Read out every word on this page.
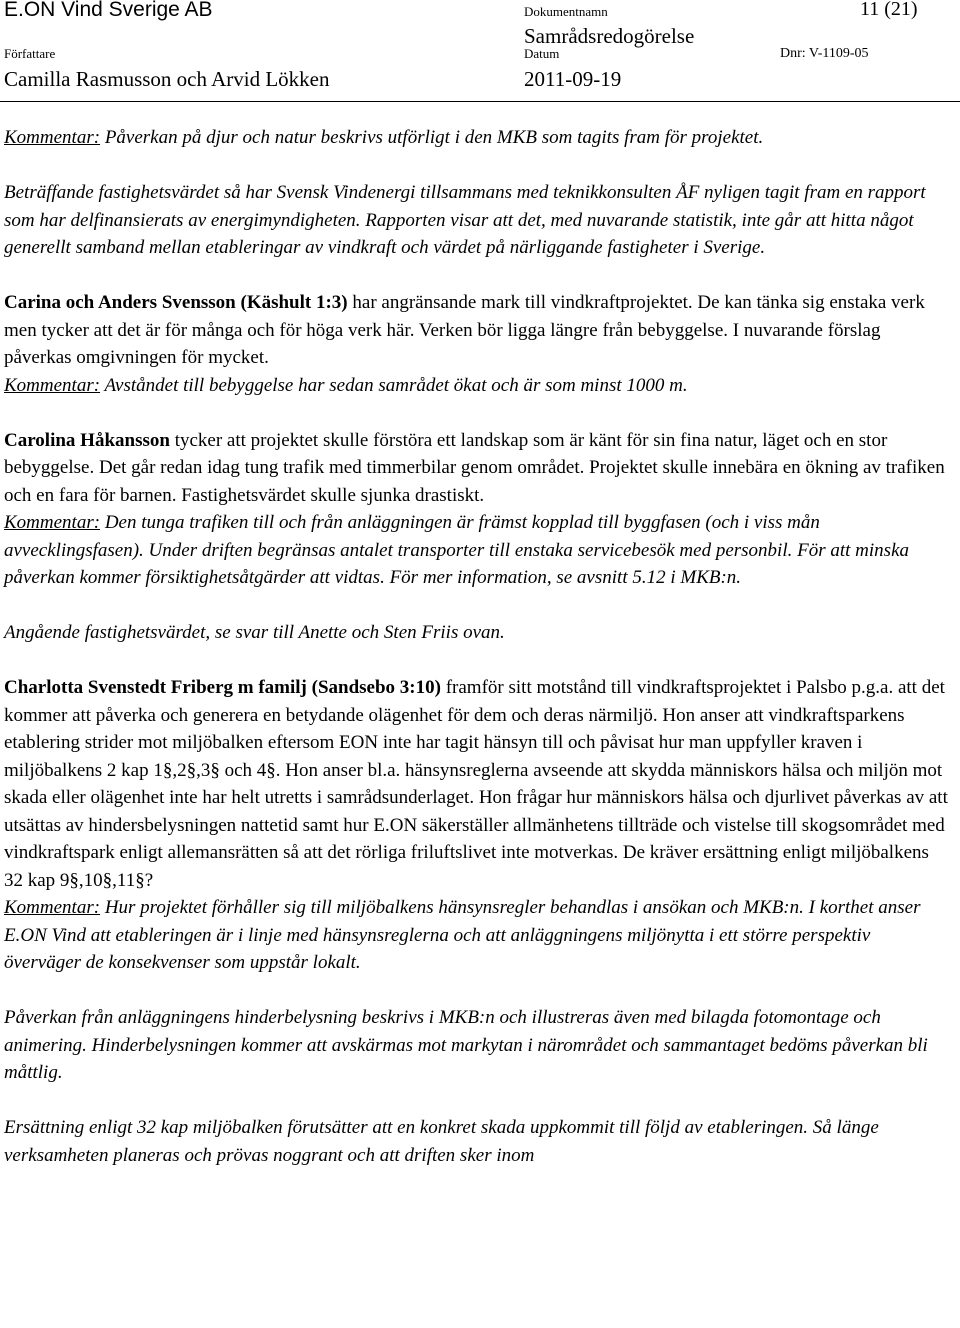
E.ON Vind Sverige AB	Dokumentnamn	11 (21)
Samrådsredogörelse
Författare	Datum	Dnr: V-1109-05
Camilla Rasmusson och Arvid Lökken	2011-09-19

Kommentar: Påverkan på djur och natur beskrivs utförligt i den MKB som tagits fram för projektet.

Beträffande fastighetsvärdet så har Svensk Vindenergi tillsammans med teknikkonsulten ÅF nyligen tagit fram en rapport som har delfinansierats av energimyndigheten. Rapporten visar att det, med nuvarande statistik, inte går att hitta något generellt samband mellan etableringar av vindkraft och värdet på närliggande fastigheter i Sverige.

Carina och Anders Svensson (Käshult 1:3) har angränsande mark till vindkraftprojektet. De kan tänka sig enstaka verk men tycker att det är för många och för höga verk här. Verken bör ligga längre från bebyggelse. I nuvarande förslag påverkas omgivningen för mycket.
Kommentar: Avståndet till bebyggelse har sedan samrådet ökat och är som minst 1000 m.

Carolina Håkansson tycker att projektet skulle förstöra ett landskap som är känt för sin fina natur, läget och en stor bebyggelse. Det går redan idag tung trafik med timmerbilar genom området. Projektet skulle innebära en ökning av trafiken och en fara för barnen. Fastighetsvärdet skulle sjunka drastiskt.
Kommentar: Den tunga trafiken till och från anläggningen är främst kopplad till byggfasen (och i viss mån avvecklingsfasen). Under driften begränsas antalet transporter till enstaka servicebesök med personbil. För att minska påverkan kommer försiktighetsåtgärder att vidtas. För mer information, se avsnitt 5.12 i MKB:n.

Angående fastighetsvärdet, se svar till Anette och Sten Friis ovan.

Charlotta Svenstedt Friberg m familj (Sandsebo 3:10) framför sitt motstånd till vindkraftsprojektet i Palsbo p.g.a. att det kommer att påverka och generera en betydande olägenhet för dem och deras närmiljö. Hon anser att vindkraftsparkens etablering strider mot miljöbalken eftersom EON inte har tagit hänsyn till och påvisat hur man uppfyller kraven i miljöbalkens 2 kap 1§,2§,3§ och 4§. Hon anser bl.a. hänsynsreglerna avseende att skydda människors hälsa och miljön mot skada eller olägenhet inte har helt utretts i samrådsunderlaget. Hon frågar hur människors hälsa och djurlivet påverkas av att utsättas av hindersbelysningen nattetid samt hur E.ON säkerställer allmänhetens tillträde och vistelse till skogsområdet med vindkraftspark enligt allemansrätten så att det rörliga friluftslivet inte motverkas. De kräver ersättning enligt miljöbalkens 32 kap 9§,10§,11§?
Kommentar: Hur projektet förhåller sig till miljöbalkens hänsynsregler behandlas i ansökan och MKB:n. I korthet anser E.ON Vind att etableringen är i linje med hänsynsreglerna och att anläggningens miljönytta i ett större perspektiv överväger de konsekvenser som uppstår lokalt.

Påverkan från anläggningens hinderbelysning beskrivs i MKB:n och illustreras även med bilagda fotomontage och animering. Hinderbelysningen kommer att avskärmas mot markytan i närområdet och sammantaget bedöms påverkan bli måttlig.

Ersättning enligt 32 kap miljöbalken förutsätter att en konkret skada uppkommit till följd av etableringen. Så länge verksamheten planeras och prövas noggrant och att driften sker inom
